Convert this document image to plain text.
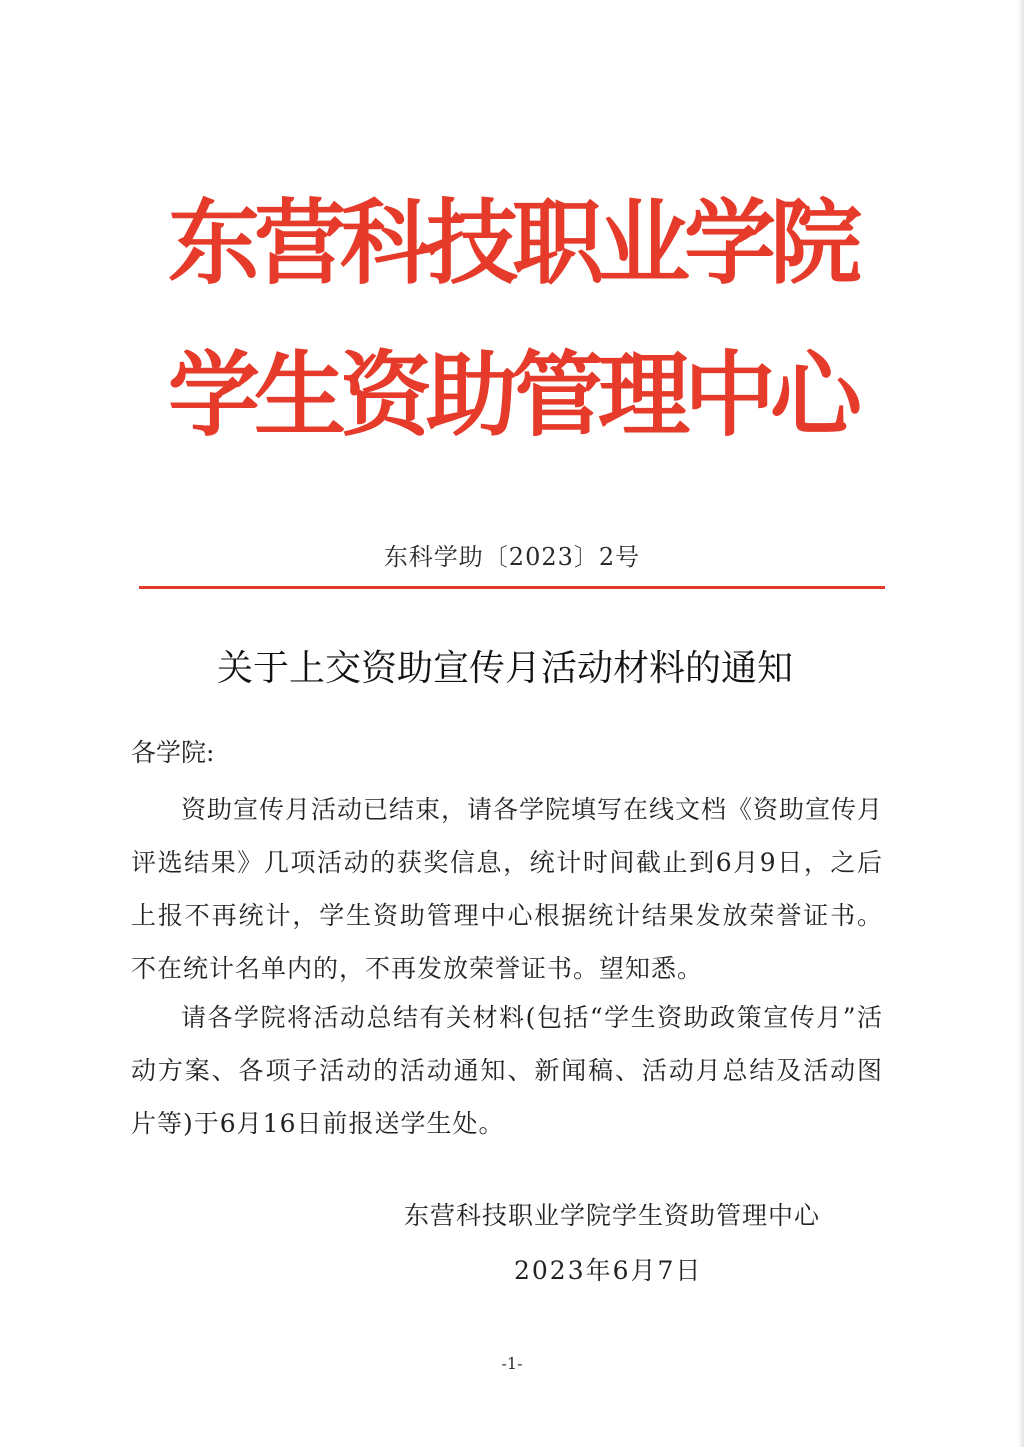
东营科技职业学院
学生资助管理中心
东科学助〔2023〕2号
关于上交资助宣传月活动材料的通知
各学院:
资助宣传月活动已结束，请各学院填写在线文档《资助宣传月评选结果》几项活动的获奖信息，统计时间截止到6月9日，之后上报不再统计，学生资助管理中心根据统计结果发放荣誉证书。不在统计名单内的，不再发放荣誉证书。望知悉。
请各学院将活动总结有关材料(包括“学生资助政策宣传月”活动方案、各项子活动的活动通知、新闻稿、活动月总结及活动图片等)于6月16日前报送学生处。
东营科技职业学院学生资助管理中心
2023年6月7日
-1-
